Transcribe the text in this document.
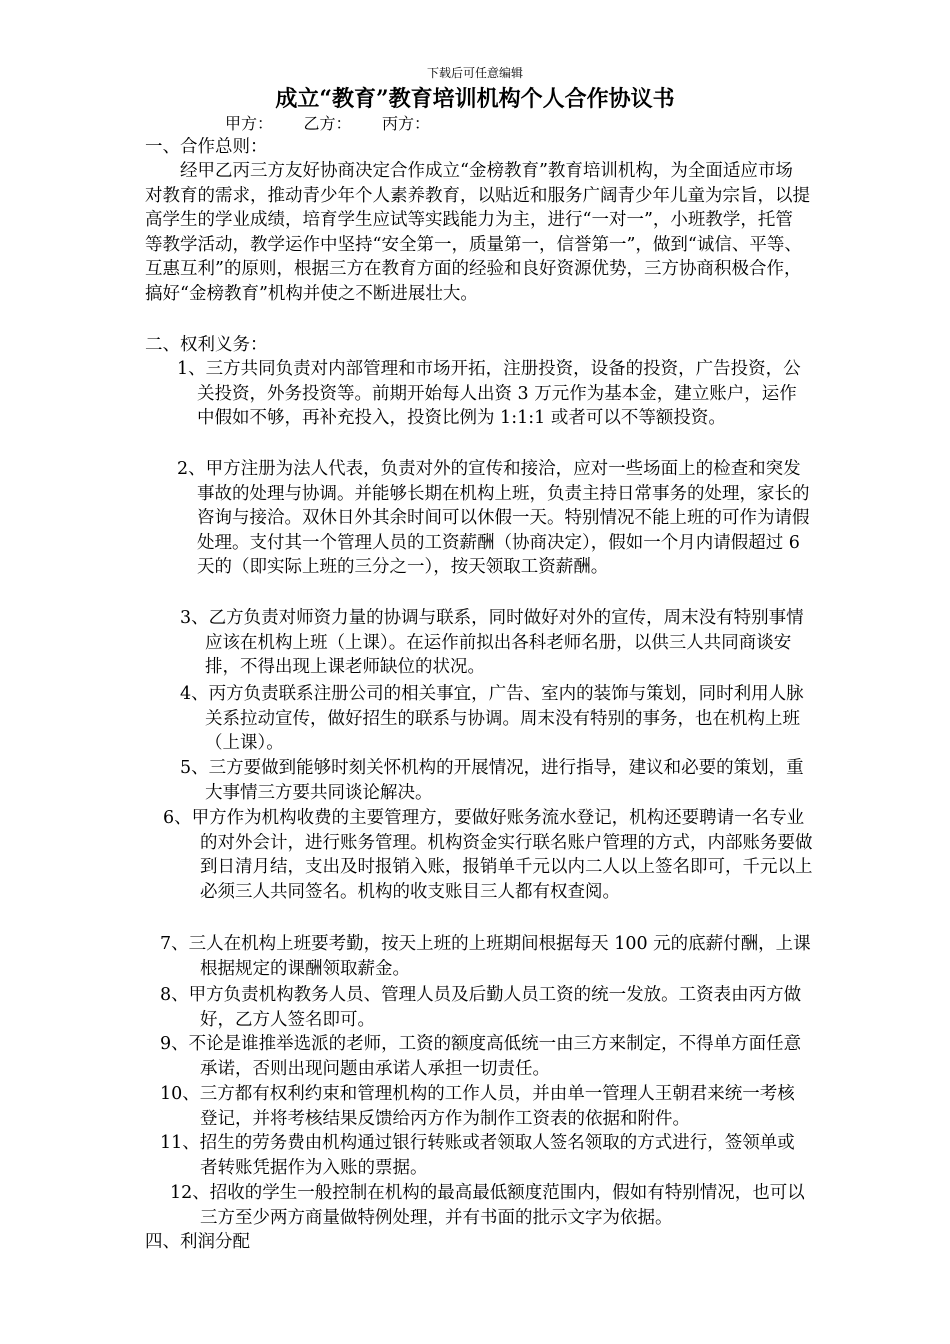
下载后可任意编辑
成立“教育”教育培训机构个人合作协议书
甲方：      乙方：      丙方：
一、合作总则：
经甲乙丙三方友好协商决定合作成立“金榜教育”教育培训机构，为全面适应市场对教育的需求，推动青少年个人素养教育，以贴近和服务广阔青少年儿童为宗旨，以提高学生的学业成绩，培育学生应试等实践能力为主，进行“一对一”，小班教学，托管等教学活动，教学运作中坚持“安全第一，质量第一，信誉第一”，做到“诚信、平等、互惠互利”的原则，根据三方在教育方面的经验和良好资源优势，三方协商积极合作，搞好“金榜教育”机构并使之不断进展壮大。
二、权利义务：
1、三方共同负责对内部管理和市场开拓，注册投资，设备的投资，广告投资，公关投资，外务投资等。前期开始每人出资 3 万元作为基本金，建立账户，运作中假如不够，再补充投入，投资比例为 1:1:1 或者可以不等额投资。
2、甲方注册为法人代表，负责对外的宣传和接洽，应对一些场面上的检查和突发事故的处理与协调。并能够长期在机构上班，负责主持日常事务的处理，家长的咨询与接洽。双休日外其余时间可以休假一天。特别情况不能上班的可作为请假处理。支付其一个管理人员的工资薪酬（协商决定），假如一个月内请假超过 6 天的（即实际上班的三分之一），按天领取工资薪酬。
3、乙方负责对师资力量的协调与联系，同时做好对外的宣传，周末没有特别事情应该在机构上班（上课）。在运作前拟出各科老师名册，以供三人共同商谈安排，不得出现上课老师缺位的状况。
4、丙方负责联系注册公司的相关事宜，广告、室内的装饰与策划，同时利用人脉关系拉动宣传，做好招生的联系与协调。周末没有特别的事务，也在机构上班（上课）。
5、三方要做到能够时刻关怀机构的开展情况，进行指导，建议和必要的策划，重大事情三方要共同谈论解决。
6、甲方作为机构收费的主要管理方，要做好账务流水登记，机构还要聘请一名专业的对外会计，进行账务管理。机构资金实行联名账户管理的方式，内部账务要做到日清月结，支出及时报销入账，报销单千元以内二人以上签名即可，千元以上必须三人共同签名。机构的收支账目三人都有权查阅。
7、三人在机构上班要考勤，按天上班的上班期间根据每天 100 元的底薪付酬，上课根据规定的课酬领取薪金。
8、甲方负责机构教务人员、管理人员及后勤人员工资的统一发放。工资表由丙方做好，乙方人签名即可。
9、不论是谁推举选派的老师，工资的额度高低统一由三方来制定，不得单方面任意承诺，否则出现问题由承诺人承担一切责任。
10、三方都有权利约束和管理机构的工作人员，并由单一管理人王朝君来统一考核登记，并将考核结果反馈给丙方作为制作工资表的依据和附件。
11、招生的劳务费由机构通过银行转账或者领取人签名领取的方式进行，签领单或者转账凭据作为入账的票据。
12、招收的学生一般控制在机构的最高最低额度范围内，假如有特别情况，也可以三方至少两方商量做特例处理，并有书面的批示文字为依据。
四、利润分配
